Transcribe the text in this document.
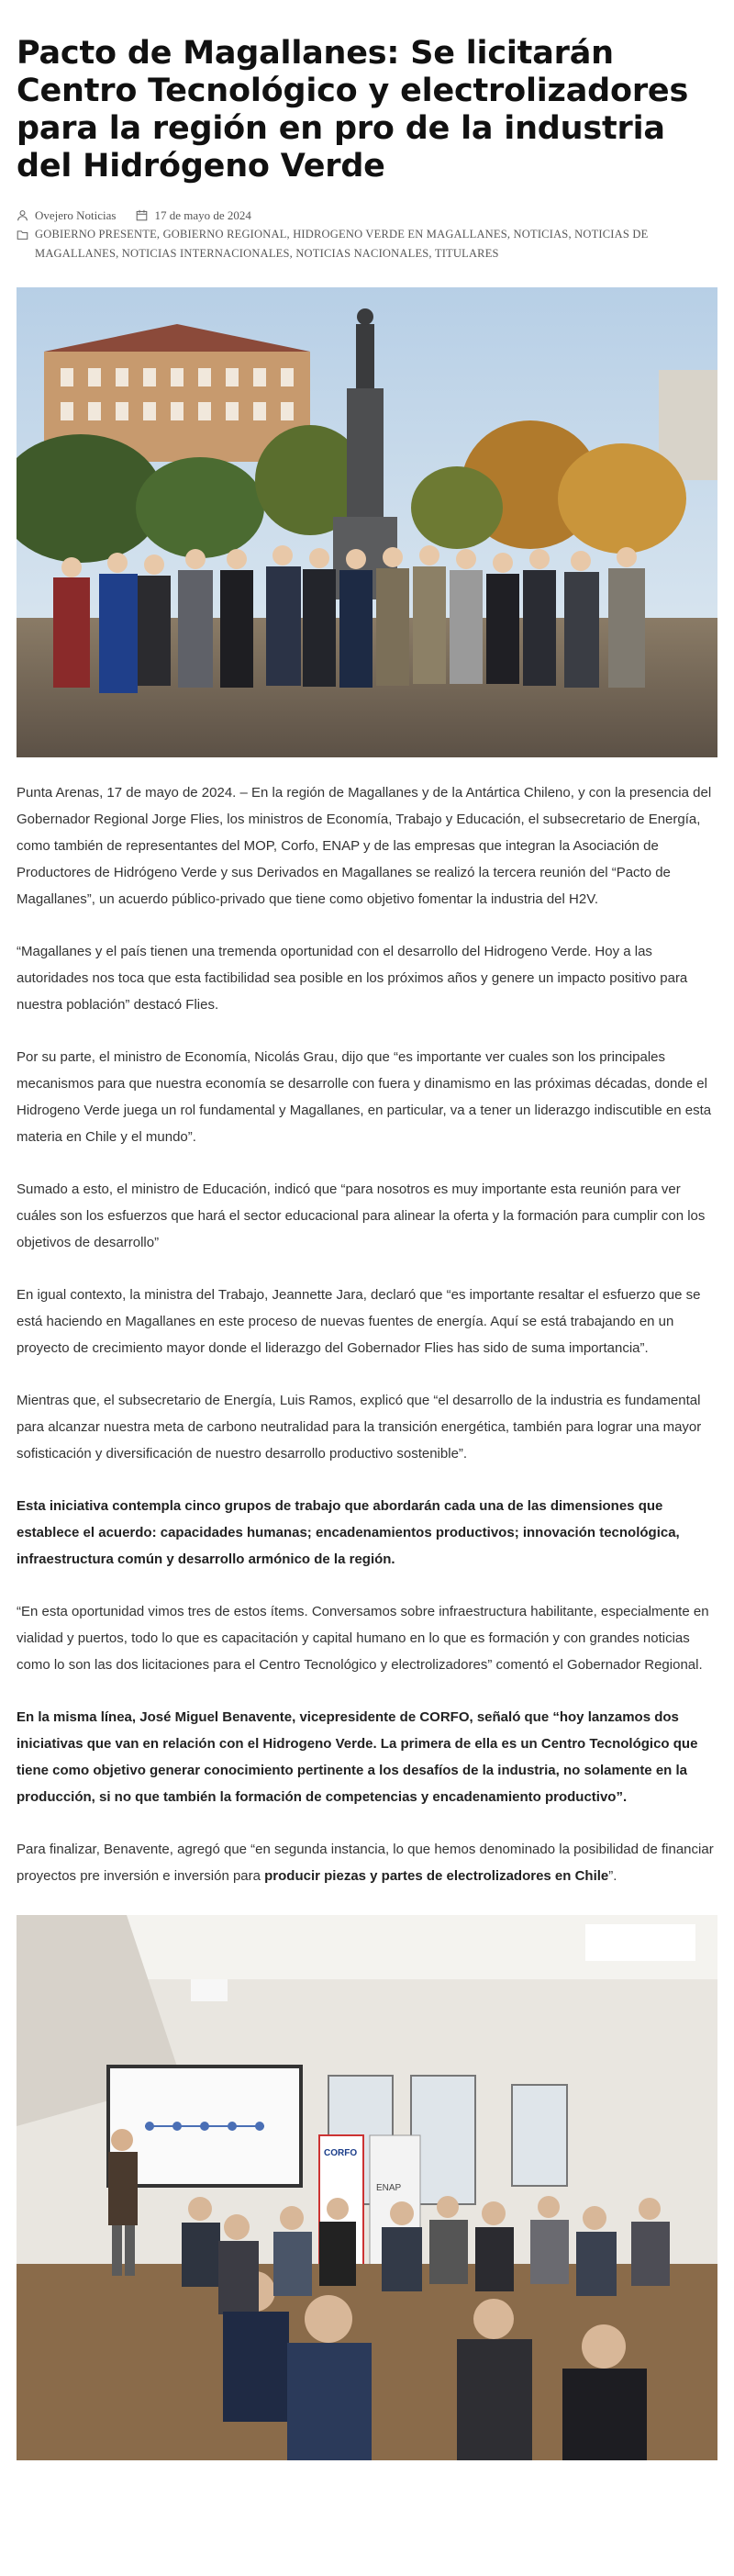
Pacto de Magallanes: Se licitarán Centro Tecnológico y electrolizadores para la región en pro de la industria del Hidrógeno Verde
Ovejero Noticias	17 de mayo de 2024
GOBIERNO PRESENTE, GOBIERNO REGIONAL, HIDROGENO VERDE EN MAGALLANES, NOTICIAS, NOTICIAS DE MAGALLANES, NOTICIAS INTERNACIONALES, NOTICIAS NACIONALES, TITULARES

Punta Arenas, 17 de mayo de 2024. – En la región de Magallanes y de la Antártica Chileno, y con la presencia del Gobernador Regional Jorge Flies, los ministros de Economía, Trabajo y Educación, el subsecretario de Energía, como también de representantes del MOP, Corfo, ENAP y de las empresas que integran la Asociación de Productores de Hidrógeno Verde y sus Derivados en Magallanes se realizó la tercera reunión del “Pacto de Magallanes”, un acuerdo público-privado que tiene como objetivo fomentar la industria del H2V.

“Magallanes y el país tienen una tremenda oportunidad con el desarrollo del Hidrogeno Verde. Hoy a las autoridades nos toca que esta factibilidad sea posible en los próximos años y genere un impacto positivo para nuestra población” destacó Flies.

Por su parte, el ministro de Economía, Nicolás Grau, dijo que “es importante ver cuales son los principales mecanismos para que nuestra economía se desarrolle con fuera y dinamismo en las próximas décadas, donde el Hidrogeno Verde juega un rol fundamental y Magallanes, en particular, va a tener un liderazgo indiscutible en esta materia en Chile y el mundo”.

Sumado a esto, el ministro de Educación, indicó que “para nosotros es muy importante esta reunión para ver cuáles son los esfuerzos que hará el sector educacional para alinear la oferta y la formación para cumplir con los objetivos de desarrollo”

En igual contexto, la ministra del Trabajo, Jeannette Jara, declaró que “es importante resaltar el esfuerzo que se está haciendo en Magallanes en este proceso de nuevas fuentes de energía. Aquí se está trabajando en un proyecto de crecimiento mayor donde el liderazgo del Gobernador Flies has sido de suma importancia”.

Mientras que, el subsecretario de Energía, Luis Ramos, explicó que “el desarrollo de la industria es fundamental para alcanzar nuestra meta de carbono neutralidad para la transición energética, también para lograr una mayor sofisticación y diversificación de nuestro desarrollo productivo sostenible”.

Esta iniciativa contempla cinco grupos de trabajo que abordarán cada una de las dimensiones que establece el acuerdo: capacidades humanas; encadenamientos productivos; innovación tecnológica, infraestructura común y desarrollo armónico de la región.

“En esta oportunidad vimos tres de estos ítems. Conversamos sobre infraestructura habilitante, especialmente en vialidad y puertos, todo lo que es capacitación y capital humano en lo que es formación y con grandes noticias como lo son las dos licitaciones para el Centro Tecnológico y electrolizadores” comentó el Gobernador Regional.

En la misma línea, José Miguel Benavente, vicepresidente de CORFO, señaló que “hoy lanzamos dos iniciativas que van en relación con el Hidrogeno Verde. La primera de ella es un Centro Tecnológico que tiene como objetivo generar conocimiento pertinente a los desafíos de la industria, no solamente en la producción, si no que también la formación de competencias y encadenamiento productivo”.

Para finalizar, Benavente, agregó que “en segunda instancia, lo que hemos denominado la posibilidad de financiar proyectos pre inversión e inversión para producir piezas y partes de electrolizadores en Chile”.

CORFO
ENAP
